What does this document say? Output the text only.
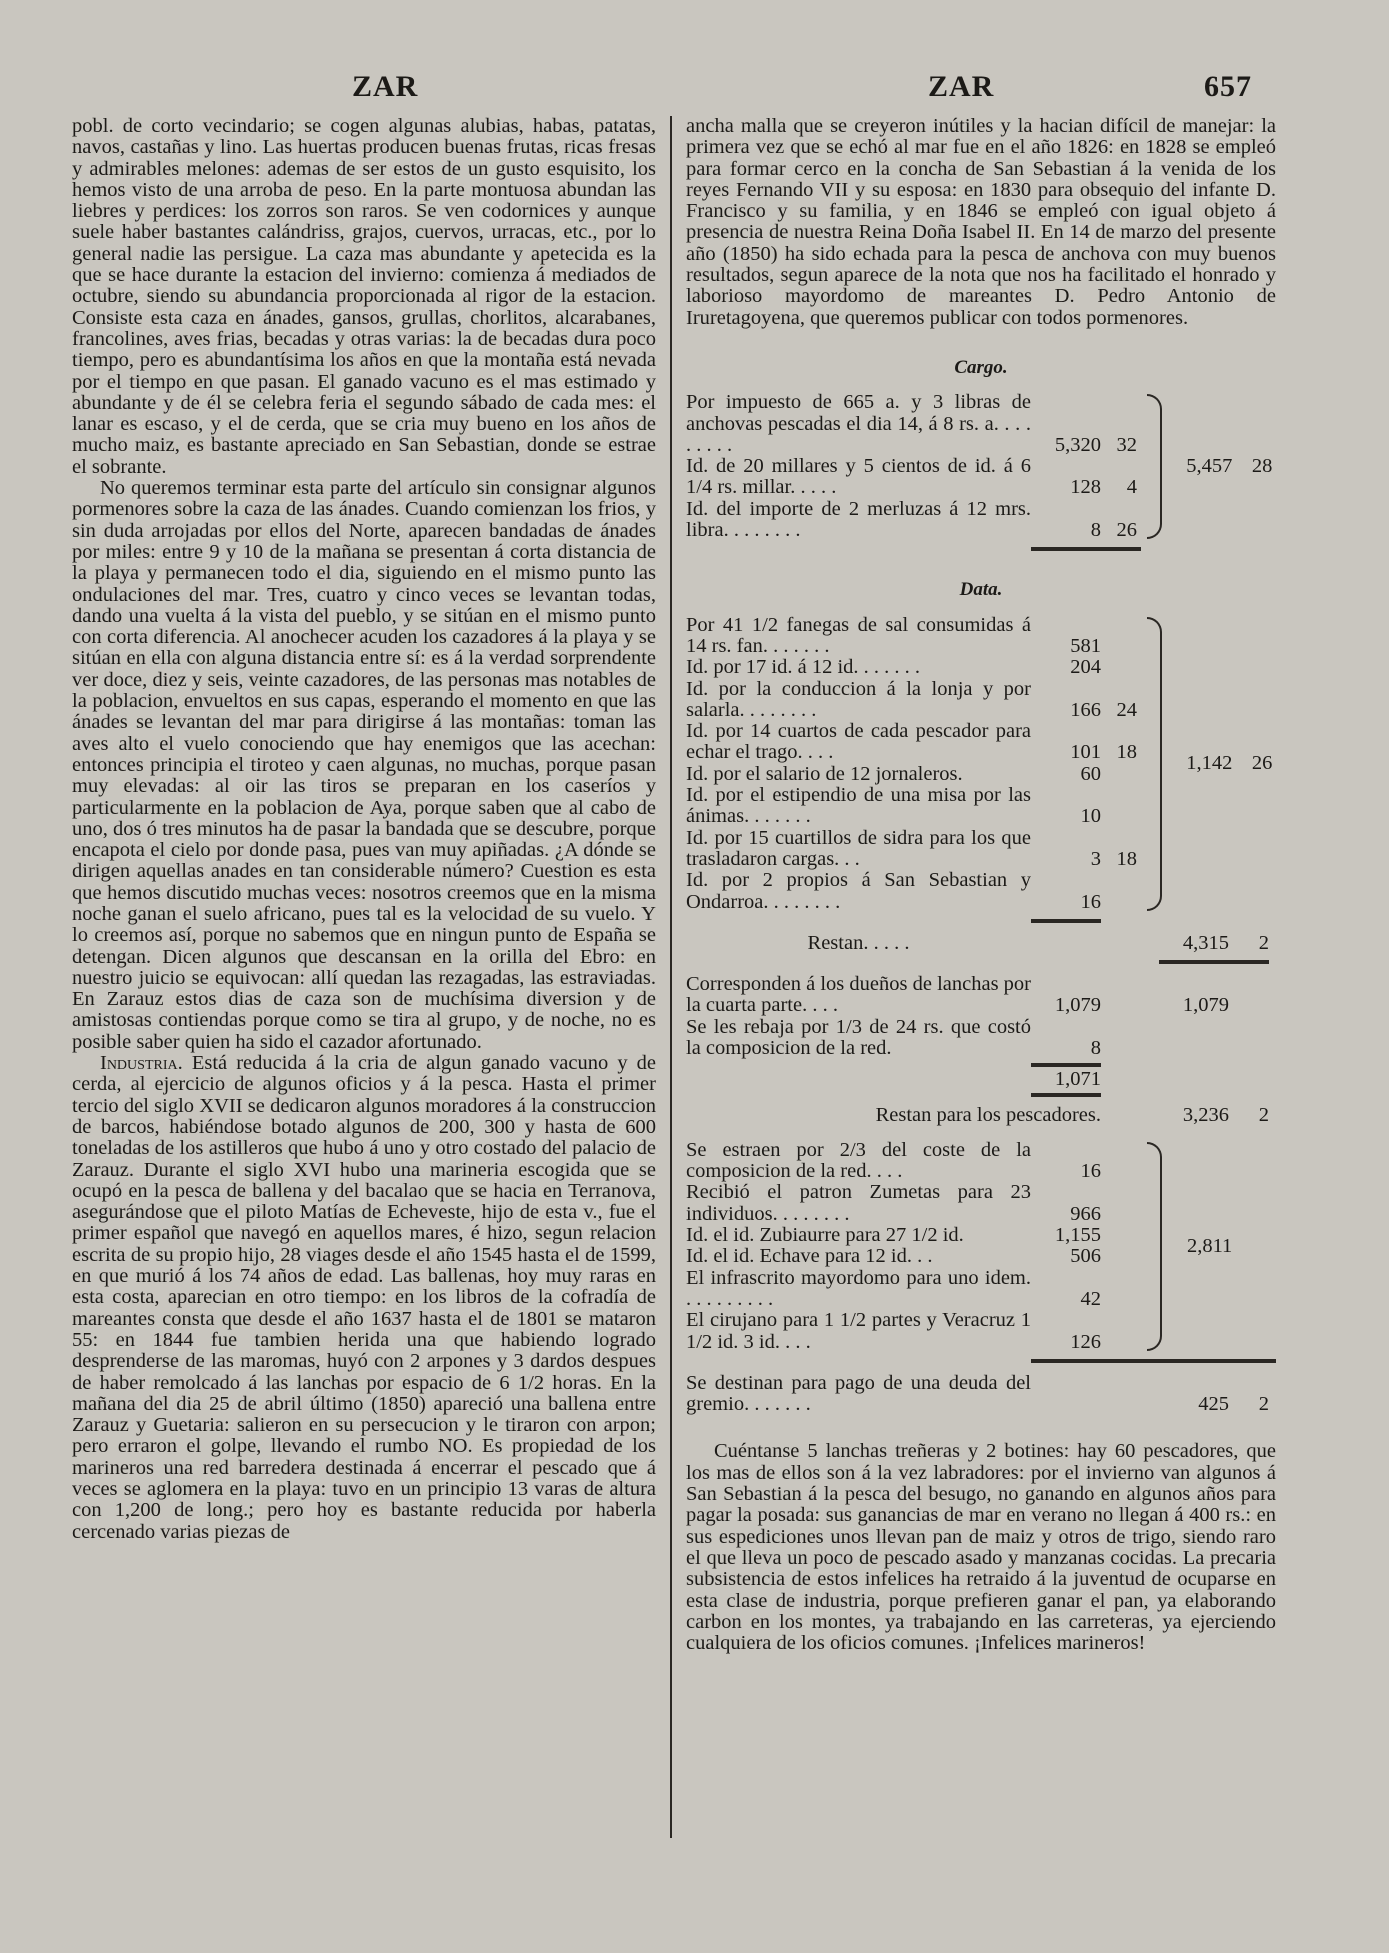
ZAR	ZAR	657

pobl. de corto vecindario; se cogen algunas alubias, habas, patatas, navos, castañas y lino. Las huertas producen buenas frutas, ricas fresas y admirables melones: ademas de ser estos de un gusto esquisito, los hemos visto de una arroba de peso. En la parte montuosa abundan las liebres y perdices: los zorros son raros. Se ven codornices y aunque suele haber bastantes calándriss, grajos, cuervos, urracas, etc., por lo general nadie las persigue. La caza mas abundante y apetecida es la que se hace durante la estacion del invierno: comienza á mediados de octubre, siendo su abundancia proporcionada al rigor de la estacion. Consiste esta caza en ánades, gansos, grullas, chorlitos, alcarabanes, francolines, aves frias, becadas y otras varias: la de becadas dura poco tiempo, pero es abundantísima los años en que la montaña está nevada por el tiempo en que pasan. El ganado vacuno es el mas estimado y abundante y de él se celebra feria el segundo sábado de cada mes: el lanar es escaso, y el de cerda, que se cria muy bueno en los años de mucho maiz, es bastante apreciado en San Sebastian, donde se estrae el sobrante.

No queremos terminar esta parte del artículo sin consignar algunos pormenores sobre la caza de las ánades. Cuando comienzan los frios, y sin duda arrojadas por ellos del Norte, aparecen bandadas de ánades por miles: entre 9 y 10 de la mañana se presentan á corta distancia de la playa y permanecen todo el dia, siguiendo en el mismo punto las ondulaciones del mar. Tres, cuatro y cinco veces se levantan todas, dando una vuelta á la vista del pueblo, y se sitúan en el mismo punto con corta diferencia. Al anochecer acuden los cazadores á la playa y se sitúan en ella con alguna distancia entre sí: es á la verdad sorprendente ver doce, diez y seis, veinte cazadores, de las personas mas notables de la poblacion, envueltos en sus capas, esperando el momento en que las ánades se levantan del mar para dirigirse á las montañas: toman las aves alto el vuelo conociendo que hay enemigos que las acechan: entonces principia el tiroteo y caen algunas, no muchas, porque pasan muy elevadas: al oir las tiros se preparan en los caseríos y particularmente en la poblacion de Aya, porque saben que al cabo de uno, dos ó tres minutos ha de pasar la bandada que se descubre, porque encapota el cielo por donde pasa, pues van muy apiñadas. ¿A dónde se dirigen aquellas anades en tan considerable número? Cuestion es esta que hemos discutido muchas veces: nosotros creemos que en la misma noche ganan el suelo africano, pues tal es la velocidad de su vuelo. Y lo creemos así, porque no sabemos que en ningun punto de España se detengan. Dicen algunos que descansan en la orilla del Ebro: en nuestro juicio se equivocan: allí quedan las rezagadas, las estraviadas. En Zarauz estos dias de caza son de muchísima diversion y de amistosas contiendas porque como se tira al grupo, y de noche, no es posible saber quien ha sido el cazador afortunado.

Industria. Está reducida á la cria de algun ganado vacuno y de cerda, al ejercicio de algunos oficios y á la pesca. Hasta el primer tercio del siglo XVII se dedicaron algunos moradores á la construccion de barcos, habiéndose botado algunos de 200, 300 y hasta de 600 toneladas de los astilleros que hubo á uno y otro costado del palacio de Zarauz. Durante el siglo XVI hubo una marineria escogida que se ocupó en la pesca de ballena y del bacalao que se hacia en Terranova, asegurándose que el piloto Matías de Echeveste, hijo de esta v., fue el primer español que navegó en aquellos mares, é hizo, segun relacion escrita de su propio hijo, 28 viages desde el año 1545 hasta el de 1599, en que murió á los 74 años de edad. Las ballenas, hoy muy raras en esta costa, aparecian en otro tiempo: en los libros de la cofradía de mareantes consta que desde el año 1637 hasta el de 1801 se mataron 55: en 1844 fue tambien herida una que habiendo logrado desprenderse de las maromas, huyó con 2 arpones y 3 dardos despues de haber remolcado á las lanchas por espacio de 6 1/2 horas. En la mañana del dia 25 de abril último (1850) apareció una ballena entre Zarauz y Guetaria: salieron en su persecucion y le tiraron con arpon; pero erraron el golpe, llevando el rumbo NO. Es propiedad de los marineros una red barredera destinada á encerrar el pescado que á veces se aglomera en la playa: tuvo en un principio 13 varas de altura con 1,200 de long.; pero hoy es bastante reducida por haberla cercenado varias piezas de

ancha malla que se creyeron inútiles y la hacian difícil de manejar: la primera vez que se echó al mar fue en el año 1826: en 1828 se empleó para formar cerco en la concha de San Sebastian á la venida de los reyes Fernando VII y su esposa: en 1830 para obsequio del infante D. Francisco y su familia, y en 1846 se empleó con igual objeto á presencia de nuestra Reina Doña Isabel II. En 14 de marzo del presente año (1850) ha sido echada para la pesca de anchova con muy buenos resultados, segun aparece de la nota que nos ha facilitado el honrado y laborioso mayordomo de mareantes D. Pedro Antonio de Iruretagoyena, que queremos publicar con todos pormenores.

Cargo.
Por impuesto de 665 a. y 3 libras de anchovas pescadas el dia 14, á 8 rs. a. . . . . . . . .	5,320 32
Id. de 20 millares y 5 cientos de id. á 6 1/4 rs. millar. . . . .	128	4
Id. del importe de 2 merluzas á 12 mrs. libra. . . . . . . .	8 26
5,457 28
Data.
Por 41 1/2 fanegas de sal consumidas á 14 rs. fan. . . . . . .	581
Id. por 17 id. á 12 id. . . . . . .	204
Id. por la conduccion á la lonja y por salarla. . . . . . . .	166 24
Id. por 14 cuartos de cada pescador para echar el trago. . . .	101 18
Id. por el salario de 12 jornaleros.	60
Id. por el estipendio de una misa por las ánimas. . . . . . .	10
Id. por 15 cuartillos de sidra para los que trasladaron cargas. . .	3 18
Id. por 2 propios á San Sebastian y Ondarroa. . . . . . . .	16
1,142 26
Restan. . . . .	4,315	2
Corresponden á los dueños de lanchas por la cuarta parte. . . .	1,079	1,079
Se les rebaja por 1/3 de 24 rs. que costó la composicion de la red.	8
1,071
Restan para los pescadores.	3,236	2
Se estraen por 2/3 del coste de la composicion de la red. . . .	16
Recibió el patron Zumetas para 23 individuos. . . . . . . .	966
Id. el id. Zubiaurre para 27 1/2 id.	1,155
Id. el id. Echave para 12 id. . .	506
El infrascrito mayordomo para uno idem. . . . . . . . . .	42
El cirujano para 1 1/2 partes y Veracruz 1 1/2 id. 3 id. . . .	126
2,811
Se destinan para pago de una deuda del gremio. . . . . . .	425	2

Cuéntanse 5 lanchas treñeras y 2 botines: hay 60 pescadores, que los mas de ellos son á la vez labradores: por el invierno van algunos á San Sebastian á la pesca del besugo, no ganando en algunos años para pagar la posada: sus ganancias de mar en verano no llegan á 400 rs.: en sus espediciones unos llevan pan de maiz y otros de trigo, siendo raro el que lleva un poco de pescado asado y manzanas cocidas. La precaria subsistencia de estos infelices ha retraido á la juventud de ocuparse en esta clase de industria, porque prefieren ganar el pan, ya elaborando carbon en los montes, ya trabajando en las carreteras, ya ejerciendo cualquiera de los oficios comunes. ¡Infelices marineros!
